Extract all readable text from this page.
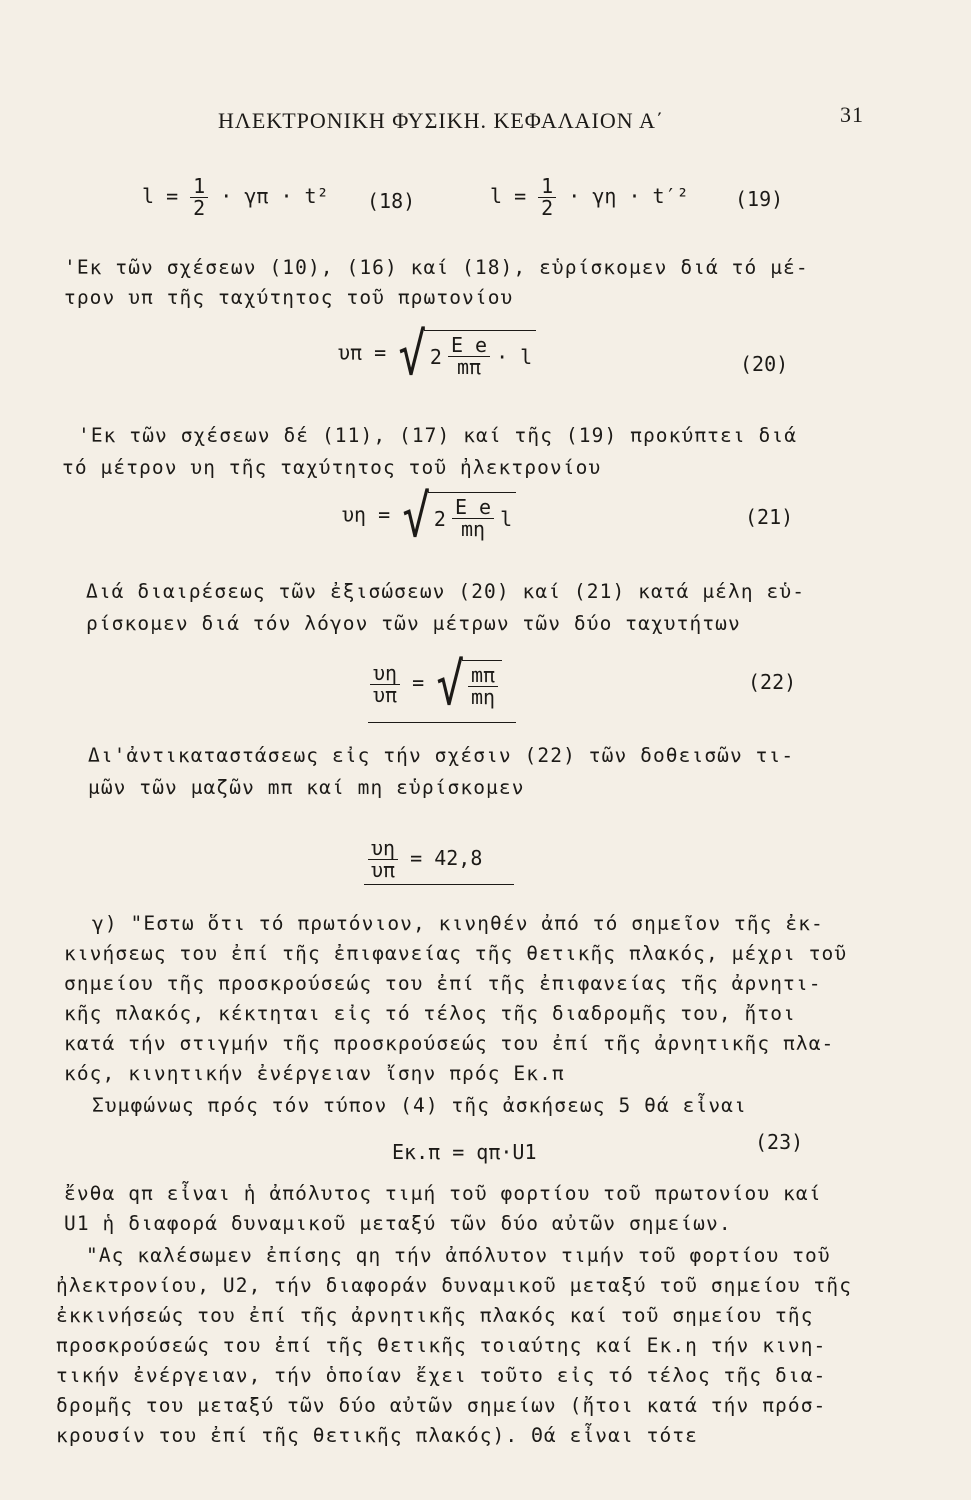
ΗΛΕΚΤΡΟΝΙΚΗ ΦΥΣΙΚΗ. ΚΕΦΑΛΑΙΟΝ Α΄	31
$l = \frac{1}{2} \cdot \gamma\pi \cdot t^2$ (18)	$l = \frac{1}{2} \cdot \gamma\eta \cdot t'^2$ (19)
'Εκ τῶν σχέσεων (10), (16) καί (18), εὑρίσκομεν διά τό μέ-
τρον υπ τῆς ταχύτητος τοῦ πρωτονίου
υπ = √ $2 \frac{\text{E e}}{m\pi} \cdot l$	(20)
'Εκ τῶν σχέσεων δέ (11), (17) καί τῆς (19) προκύπτει διά
τό μέτρον υη τῆς ταχύτητος τοῦ ἠλεκτρονίου
υη = √ $2 \frac{\text{E e}}{m\eta}$ l	(21)
Διά διαιρέσεως τῶν ἐξισώσεων (20) καί (21) κατά μέλη εὑ-
ρίσκομεν διά τόν λόγον τῶν μέτρων τῶν δύο ταχυτήτων
$\frac{\upsilon\eta}{\upsilon\pi}$ = √ $\frac{m\pi}{m\eta}$	(22)
Δι'ἀντικαταστάσεως εἰς τήν σχέσιν (22) τῶν δοθεισῶν τι-
μῶν τῶν μαζῶν mπ καί mη εὑρίσκομεν
$\frac{\upsilon\eta}{\upsilon\pi} = 42,8$
γ) "Εστω ὅτι τό πρωτόνιον, κινηθέν ἀπό τό σημεῖον τῆς ἐκ-
κινήσεως του ἐπί τῆς ἐπιφανείας τῆς θετικῆς πλακός, μέχρι τοῦ
σημείου τῆς προσκρούσεώς του ἐπί τῆς ἐπιφανείας τῆς ἀρνητι-
κῆς πλακός, κέκτηται εἰς τό τέλος τῆς διαδρομῆς του, ἤτοι
κατά τήν στιγμήν τῆς προσκρούσεώς του ἐπί τῆς ἀρνητικῆς πλα-
κός, κινητικήν ἐνέργειαν ἴσην πρός Eκ.π
Συμφώνως πρός τόν τύπον (4) τῆς ἀσκήσεως 5 θά εἶναι
Eκ.π = qπ·U1	(23)
ἔνθα qπ εἶναι ἡ ἀπόλυτος τιμή τοῦ φορτίου τοῦ πρωτονίου καί
U1 ἡ διαφορά δυναμικοῦ μεταξύ τῶν δύο αὐτῶν σημείων.
"Ας καλέσωμεν ἐπίσης qη τήν ἀπόλυτον τιμήν τοῦ φορτίου τοῦ
ἠλεκτρονίου, U2, τήν διαφοράν δυναμικοῦ μεταξύ τοῦ σημείου τῆς
ἐκκινήσεώς του ἐπί τῆς ἀρνητικῆς πλακός καί τοῦ σημείου τῆς
προσκρούσεώς του ἐπί τῆς θετικῆς τοιαύτης καί Eκ.η τήν κινη-
τικήν ἐνέργειαν, τήν ὁποίαν ἔχει τοῦτο εἰς τό τέλος τῆς δια-
δρομῆς του μεταξύ τῶν δύο αὐτῶν σημείων (ἤτοι κατά τήν πρόσ-
κρουσίν του ἐπί τῆς θετικῆς πλακός). Θά εἶναι τότε
